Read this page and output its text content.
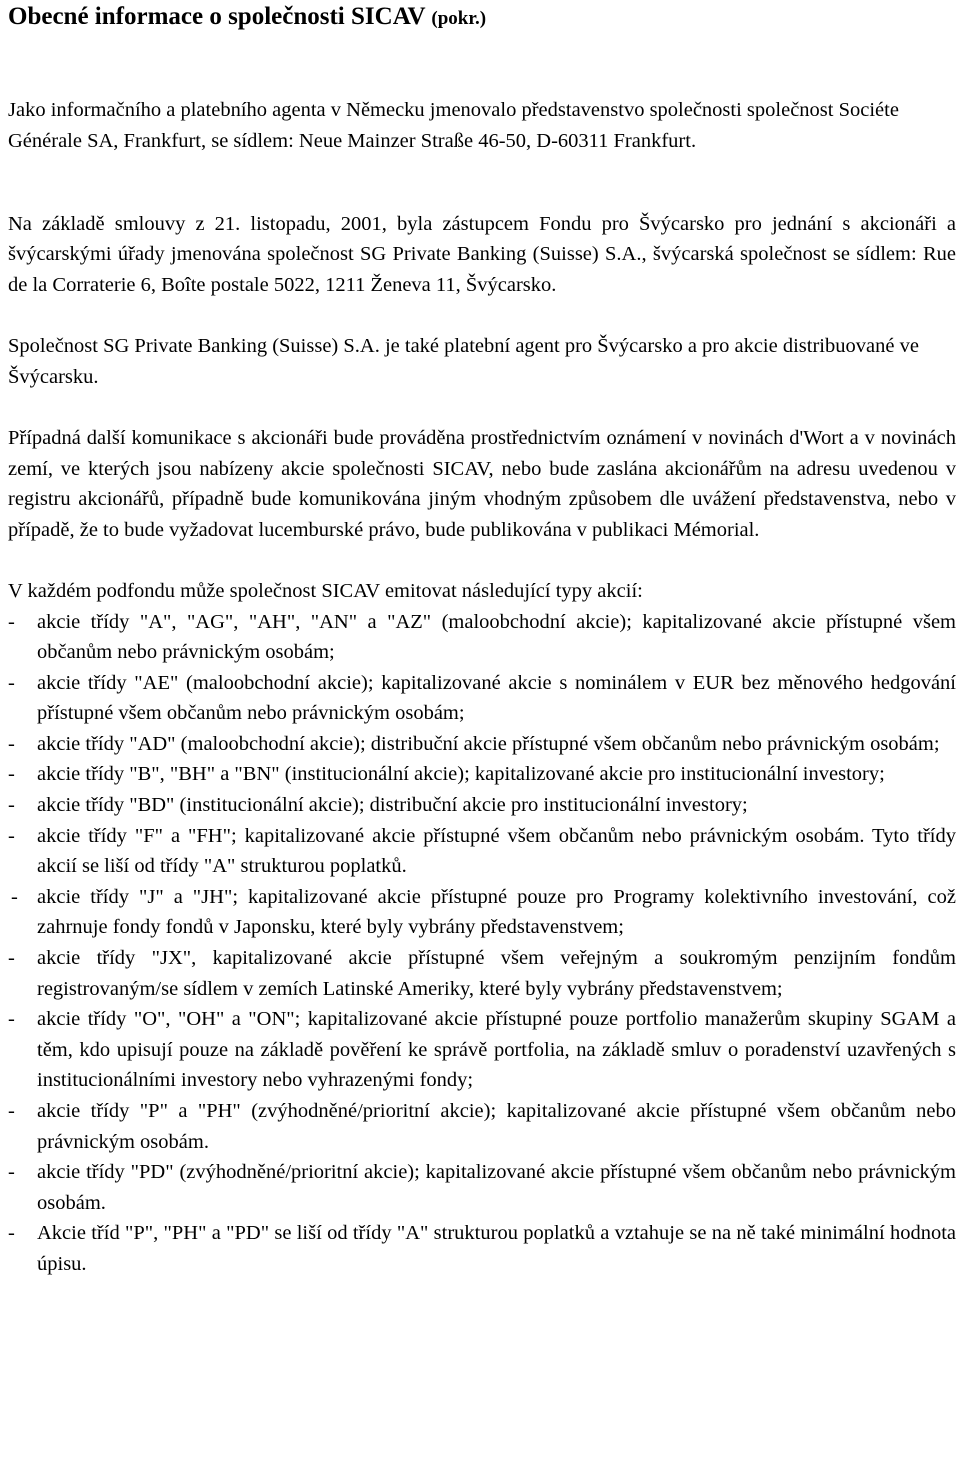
Obecné informace o společnosti SICAV (pokr.)

Jako informačního a platebního agenta v Německu jmenovalo představenstvo společnosti společnost Sociéte Générale SA, Frankfurt, se sídlem: Neue Mainzer Straße 46-50, D-60311 Frankfurt.

Na základě smlouvy z 21. listopadu, 2001, byla zástupcem Fondu pro Švýcarsko pro jednání s akcionáři a švýcarskými úřady jmenována společnost SG Private Banking (Suisse) S.A., švýcarská společnost se sídlem: Rue de la Corraterie 6, Boîte postale 5022, 1211 Ženeva 11, Švýcarsko.

Společnost SG Private Banking (Suisse) S.A. je také platební agent pro Švýcarsko a pro akcie distribuované ve Švýcarsku.

Případná další komunikace s akcionáři bude prováděna prostřednictvím oznámení v novinách d'Wort a v novinách zemí, ve kterých jsou nabízeny akcie společnosti SICAV, nebo bude zaslána akcionářům na adresu uvedenou v registru akcionářů, případně bude komunikována jiným vhodným způsobem dle uvážení představenstva, nebo v případě, že to bude vyžadovat lucemburské právo, bude publikována v publikaci Mémorial.

V každém podfondu může společnost SICAV emitovat následující typy akcií:

- akcie třídy "A", "AG", "AH", "AN" a "AZ" (maloobchodní akcie); kapitalizované akcie přístupné všem občanům nebo právnickým osobám;
- akcie třídy "AE" (maloobchodní akcie); kapitalizované akcie s nominálem v EUR bez měnového hedgování přístupné všem občanům nebo právnickým osobám;
- akcie třídy "AD" (maloobchodní akcie); distribuční akcie přístupné všem občanům nebo právnickým osobám;
- akcie třídy "B", "BH" a "BN" (institucionální akcie); kapitalizované akcie pro institucionální investory;
- akcie třídy "BD" (institucionální akcie); distribuční akcie pro institucionální investory;
- akcie třídy "F" a "FH"; kapitalizované akcie přístupné všem občanům nebo právnickým osobám. Tyto třídy akcií se liší od třídy "A" strukturou poplatků.
- akcie třídy "J" a "JH"; kapitalizované akcie přístupné pouze pro Programy kolektivního investování, což zahrnuje fondy fondů v Japonsku, které byly vybrány představenstvem;
- akcie třídy "JX", kapitalizované akcie přístupné všem veřejným a soukromým penzijním fondům registrovaným/se sídlem v zemích Latinské Ameriky, které byly vybrány představenstvem;
- akcie třídy "O", "OH" a "ON"; kapitalizované akcie přístupné pouze portfolio manažerům skupiny SGAM a těm, kdo upisují pouze na základě pověření ke správě portfolia, na základě smluv o poradenství uzavřených s institucionálními investory nebo vyhrazenými fondy;
- akcie třídy "P" a "PH" (zvýhodněné/prioritní akcie); kapitalizované akcie přístupné všem občanům nebo právnickým osobám.
- akcie třídy "PD" (zvýhodněné/prioritní akcie); kapitalizované akcie přístupné všem občanům nebo právnickým osobám.
- Akcie tříd "P", "PH" a "PD" se liší od třídy "A" strukturou poplatků a vztahuje se na ně také minimální hodnota úpisu.
